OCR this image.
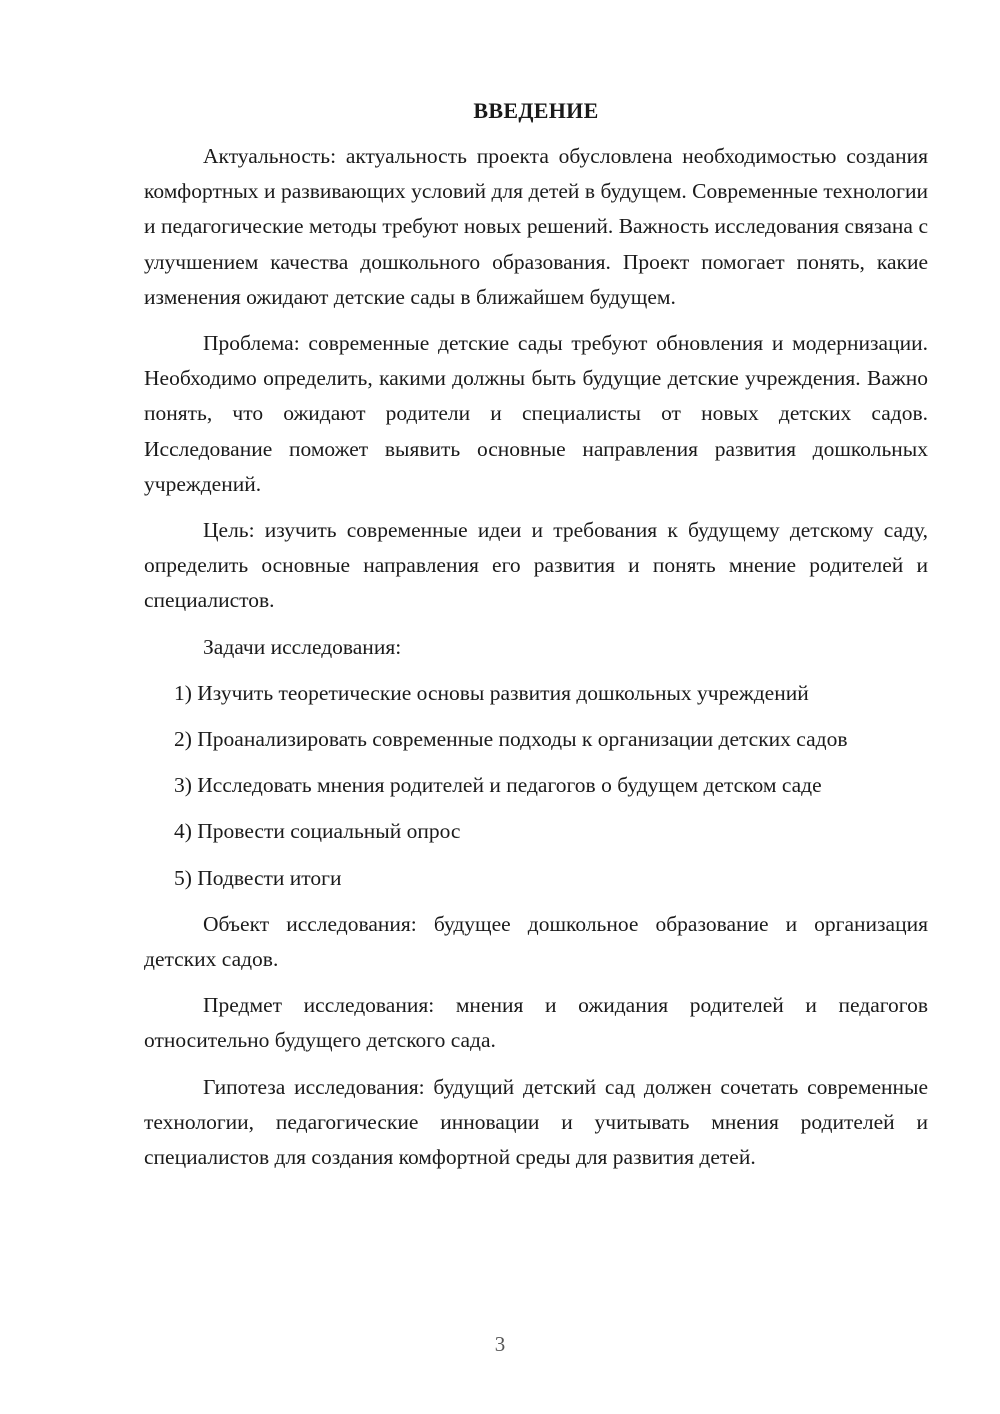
ВВЕДЕНИЕ

Актуальность: актуальность проекта обусловлена необходимостью создания комфортных и развивающих условий для детей в будущем. Современные технологии и педагогические методы требуют новых решений. Важность исследования связана с улучшением качества дошкольного образования. Проект помогает понять, какие изменения ожидают детские сады в ближайшем будущем.

Проблема: современные детские сады требуют обновления и модернизации. Необходимо определить, какими должны быть будущие детские учреждения. Важно понять, что ожидают родители и специалисты от новых детских садов. Исследование поможет выявить основные направления развития дошкольных учреждений.

Цель: изучить современные идеи и требования к будущему детскому саду, определить основные направления его развития и понять мнение родителей и специалистов.

Задачи исследования:

1) Изучить теоретические основы развития дошкольных учреждений

2) Проанализировать современные подходы к организации детских садов

3) Исследовать мнения родителей и педагогов о будущем детском саде

4) Провести социальный опрос

5) Подвести итоги

Объект исследования: будущее дошкольное образование и организация детских садов.

Предмет исследования: мнения и ожидания родителей и педагогов относительно будущего детского сада.

Гипотеза исследования: будущий детский сад должен сочетать современные технологии, педагогические инновации и учитывать мнения родителей и специалистов для создания комфортной среды для развития детей.

3
